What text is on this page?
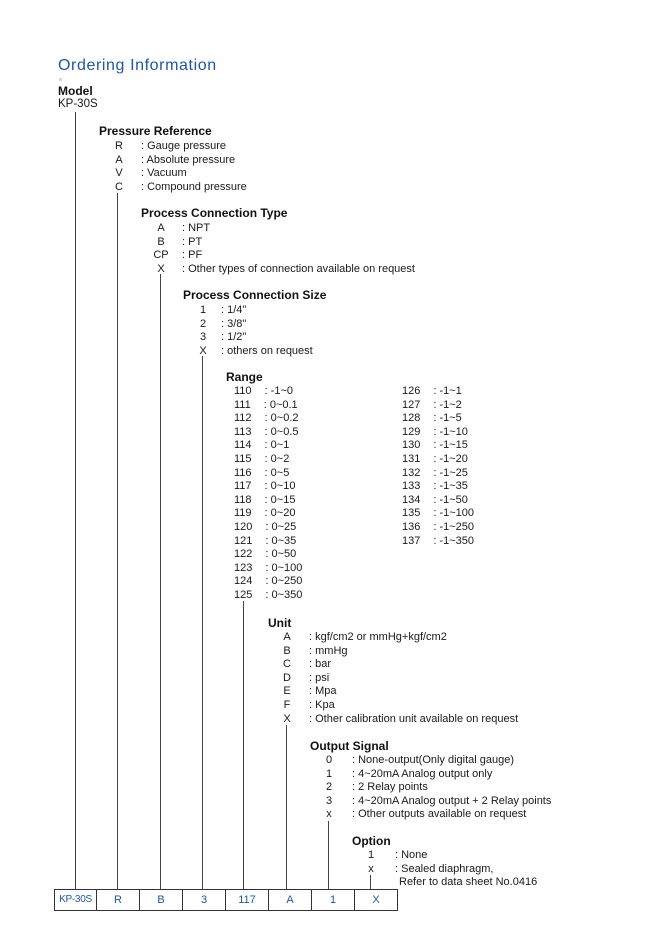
Ordering Information
Model
KP-30S
Pressure Reference
R : Gauge pressure
A : Absolute pressure
V : Vacuum
C : Compound pressure
Process Connection Type
A : NPT
B : PT
CP : PF
X : Other types of connection available on request
Process Connection Size
1 : 1/4"
2 : 3/8"
3 : 1/2"
X : others on request
Range
110 : -1~0
111 : 0~0.1
112 : 0~0.2
113 : 0~0.5
114 : 0~1
115 : 0~2
116 : 0~5
117 : 0~10
118 : 0~15
119 : 0~20
120 : 0~25
121 : 0~35
122 : 0~50
123 : 0~100
124 : 0~250
125 : 0~350
126 : -1~1
127 : -1~2
128 : -1~5
129 : -1~10
130 : -1~15
131 : -1~20
132 : -1~25
133 : -1~35
134 : -1~50
135 : -1~100
136 : -1~250
137 : -1~350
Unit
A : kgf/cm2 or mmHg+kgf/cm2
B : mmHg
C : bar
D : psi
E : Mpa
F : Kpa
X : Other calibration unit available on request
Output Signal
0 : None-output(Only digital gauge)
1 : 4~20mA Analog output only
2 : 2 Relay points
3 : 4~20mA Analog output + 2 Relay points
x : Other outputs available on request
Option
1 : None
x : Sealed diaphragm,
Refer to data sheet No.0416
KP-30S	R	B	3	117	A	1	X
